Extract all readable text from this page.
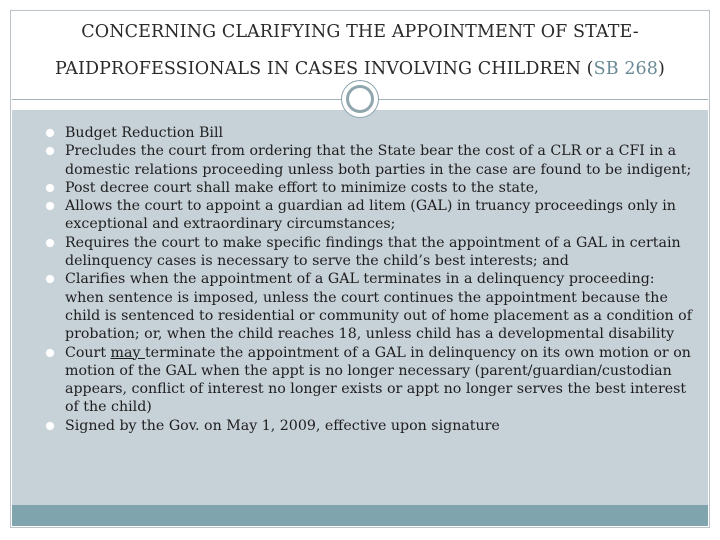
CONCERNING CLARIFYING THE APPOINTMENT OF STATE-
PAIDPROFESSIONALS IN CASES INVOLVING CHILDREN (SB 268)
Budget Reduction Bill
Precludes the court from ordering that the State bear the cost of a CLR or a CFI in a domestic relations proceeding unless both parties in the case are found to be indigent;
Post decree court shall make effort to minimize costs to the state,
Allows the court to appoint a guardian ad litem (GAL) in truancy proceedings only in exceptional and extraordinary circumstances;
Requires the court to make specific findings that the appointment of a GAL in certain delinquency cases is necessary to serve the child’s best interests; and
Clarifies when the appointment of a GAL terminates in a delinquency proceeding: when sentence is imposed, unless the court continues the appointment because the child is sentenced to residential or community out of home placement as a condition of probation; or, when the child reaches 18, unless child has a developmental disability
Court may terminate the appointment of a GAL in delinquency on its own motion or on motion of the GAL when the appt is no longer necessary (parent/guardian/custodian appears, conflict of interest no longer exists or appt no longer serves the best interest of the child)
Signed by the Gov. on May 1, 2009, effective upon signature
